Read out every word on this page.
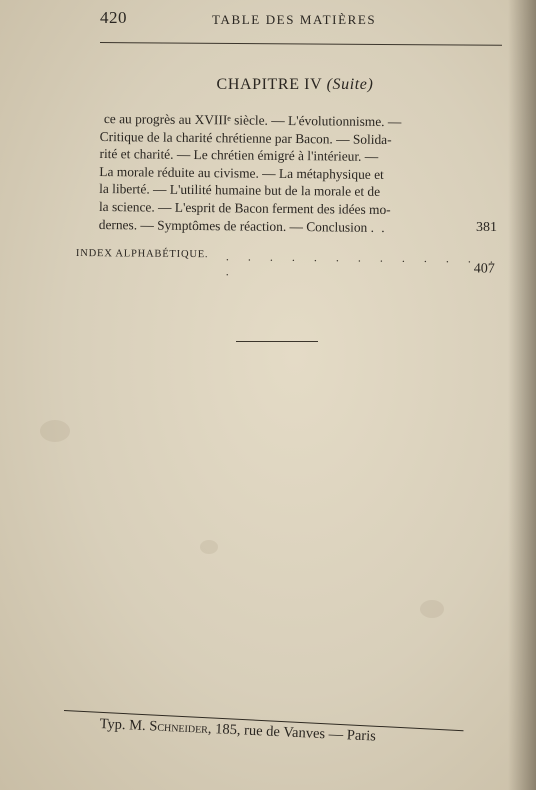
420	TABLE DES MATIÈRES
CHAPITRE IV (Suite)
ce au progrès au XVIIIᵉ siècle. — L'évolutionnisme. —
Critique de la charité chrétienne par Bacon. — Solida-
rité et charité. — Le chrétien émigré à l'intérieur. —
La morale réduite au civisme. — La métaphysique et
la liberté. — L'utilité humaine but de la morale et de
la science. — L'esprit de Bacon ferment des idées mo-
dernes. — Symptômes de réaction. — Conclusion . .	381
INDEX ALPHABÉTIQUE. . . . . . . . . . . . . . .	407
Typ. M. Schneider, 185, rue de Vanves — Paris
